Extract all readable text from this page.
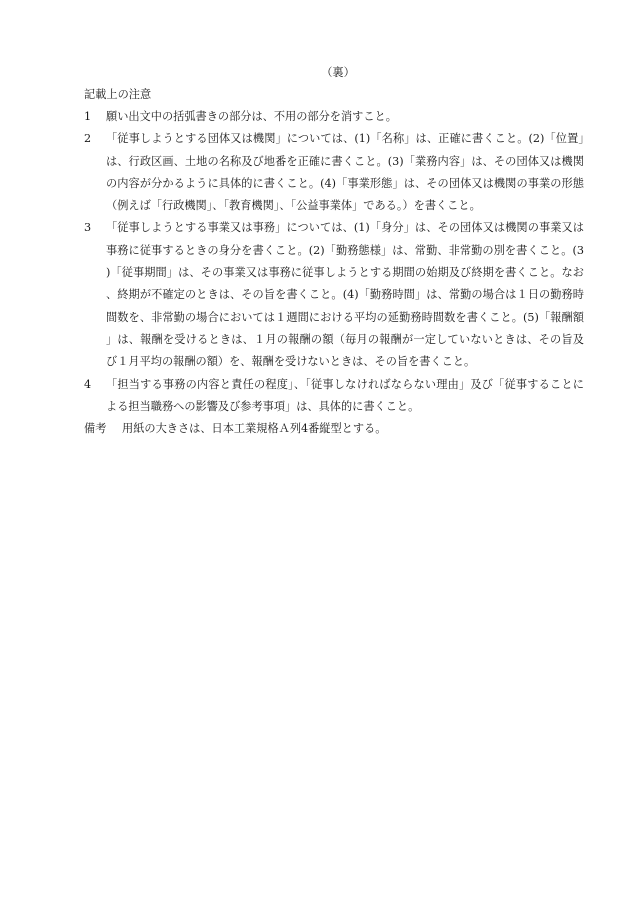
（裏）
記載上の注意
1	願い出文中の括弧書きの部分は、不用の部分を消すこと。
2	「従事しようとする団体又は機関」については、(1)「名称」は、正確に書くこと。(2)「位置」は、行政区画、土地の名称及び地番を正確に書くこと。(3)「業務内容」は、その団体又は機関の内容が分かるように具体的に書くこと。(4)「事業形態」は、その団体又は機関の事業の形態（例えば「行政機関」、「教育機関」、「公益事業体」である。）を書くこと。
3	「従事しようとする事業又は事務」については、(1)「身分」は、その団体又は機関の事業又は事務に従事するときの身分を書くこと。(2)「勤務態様」は、常勤、非常勤の別を書くこと。(3)「従事期間」は、その事業又は事務に従事しようとする期間の始期及び終期を書くこと。なお、終期が不確定のときは、その旨を書くこと。(4)「勤務時間」は、常勤の場合は１日の勤務時間数を、非常勤の場合においては１週間における平均の延勤務時間数を書くこと。(5)「報酬額」は、報酬を受けるときは、１月の報酬の額（毎月の報酬が一定していないときは、その旨及び１月平均の報酬の額）を、報酬を受けないときは、その旨を書くこと。
4	「担当する事務の内容と責任の程度」、「従事しなければならない理由」及び「従事することによる担当職務への影響及び参考事項」は、具体的に書くこと。
備考	用紙の大きさは、日本工業規格Ａ列4番縦型とする。
